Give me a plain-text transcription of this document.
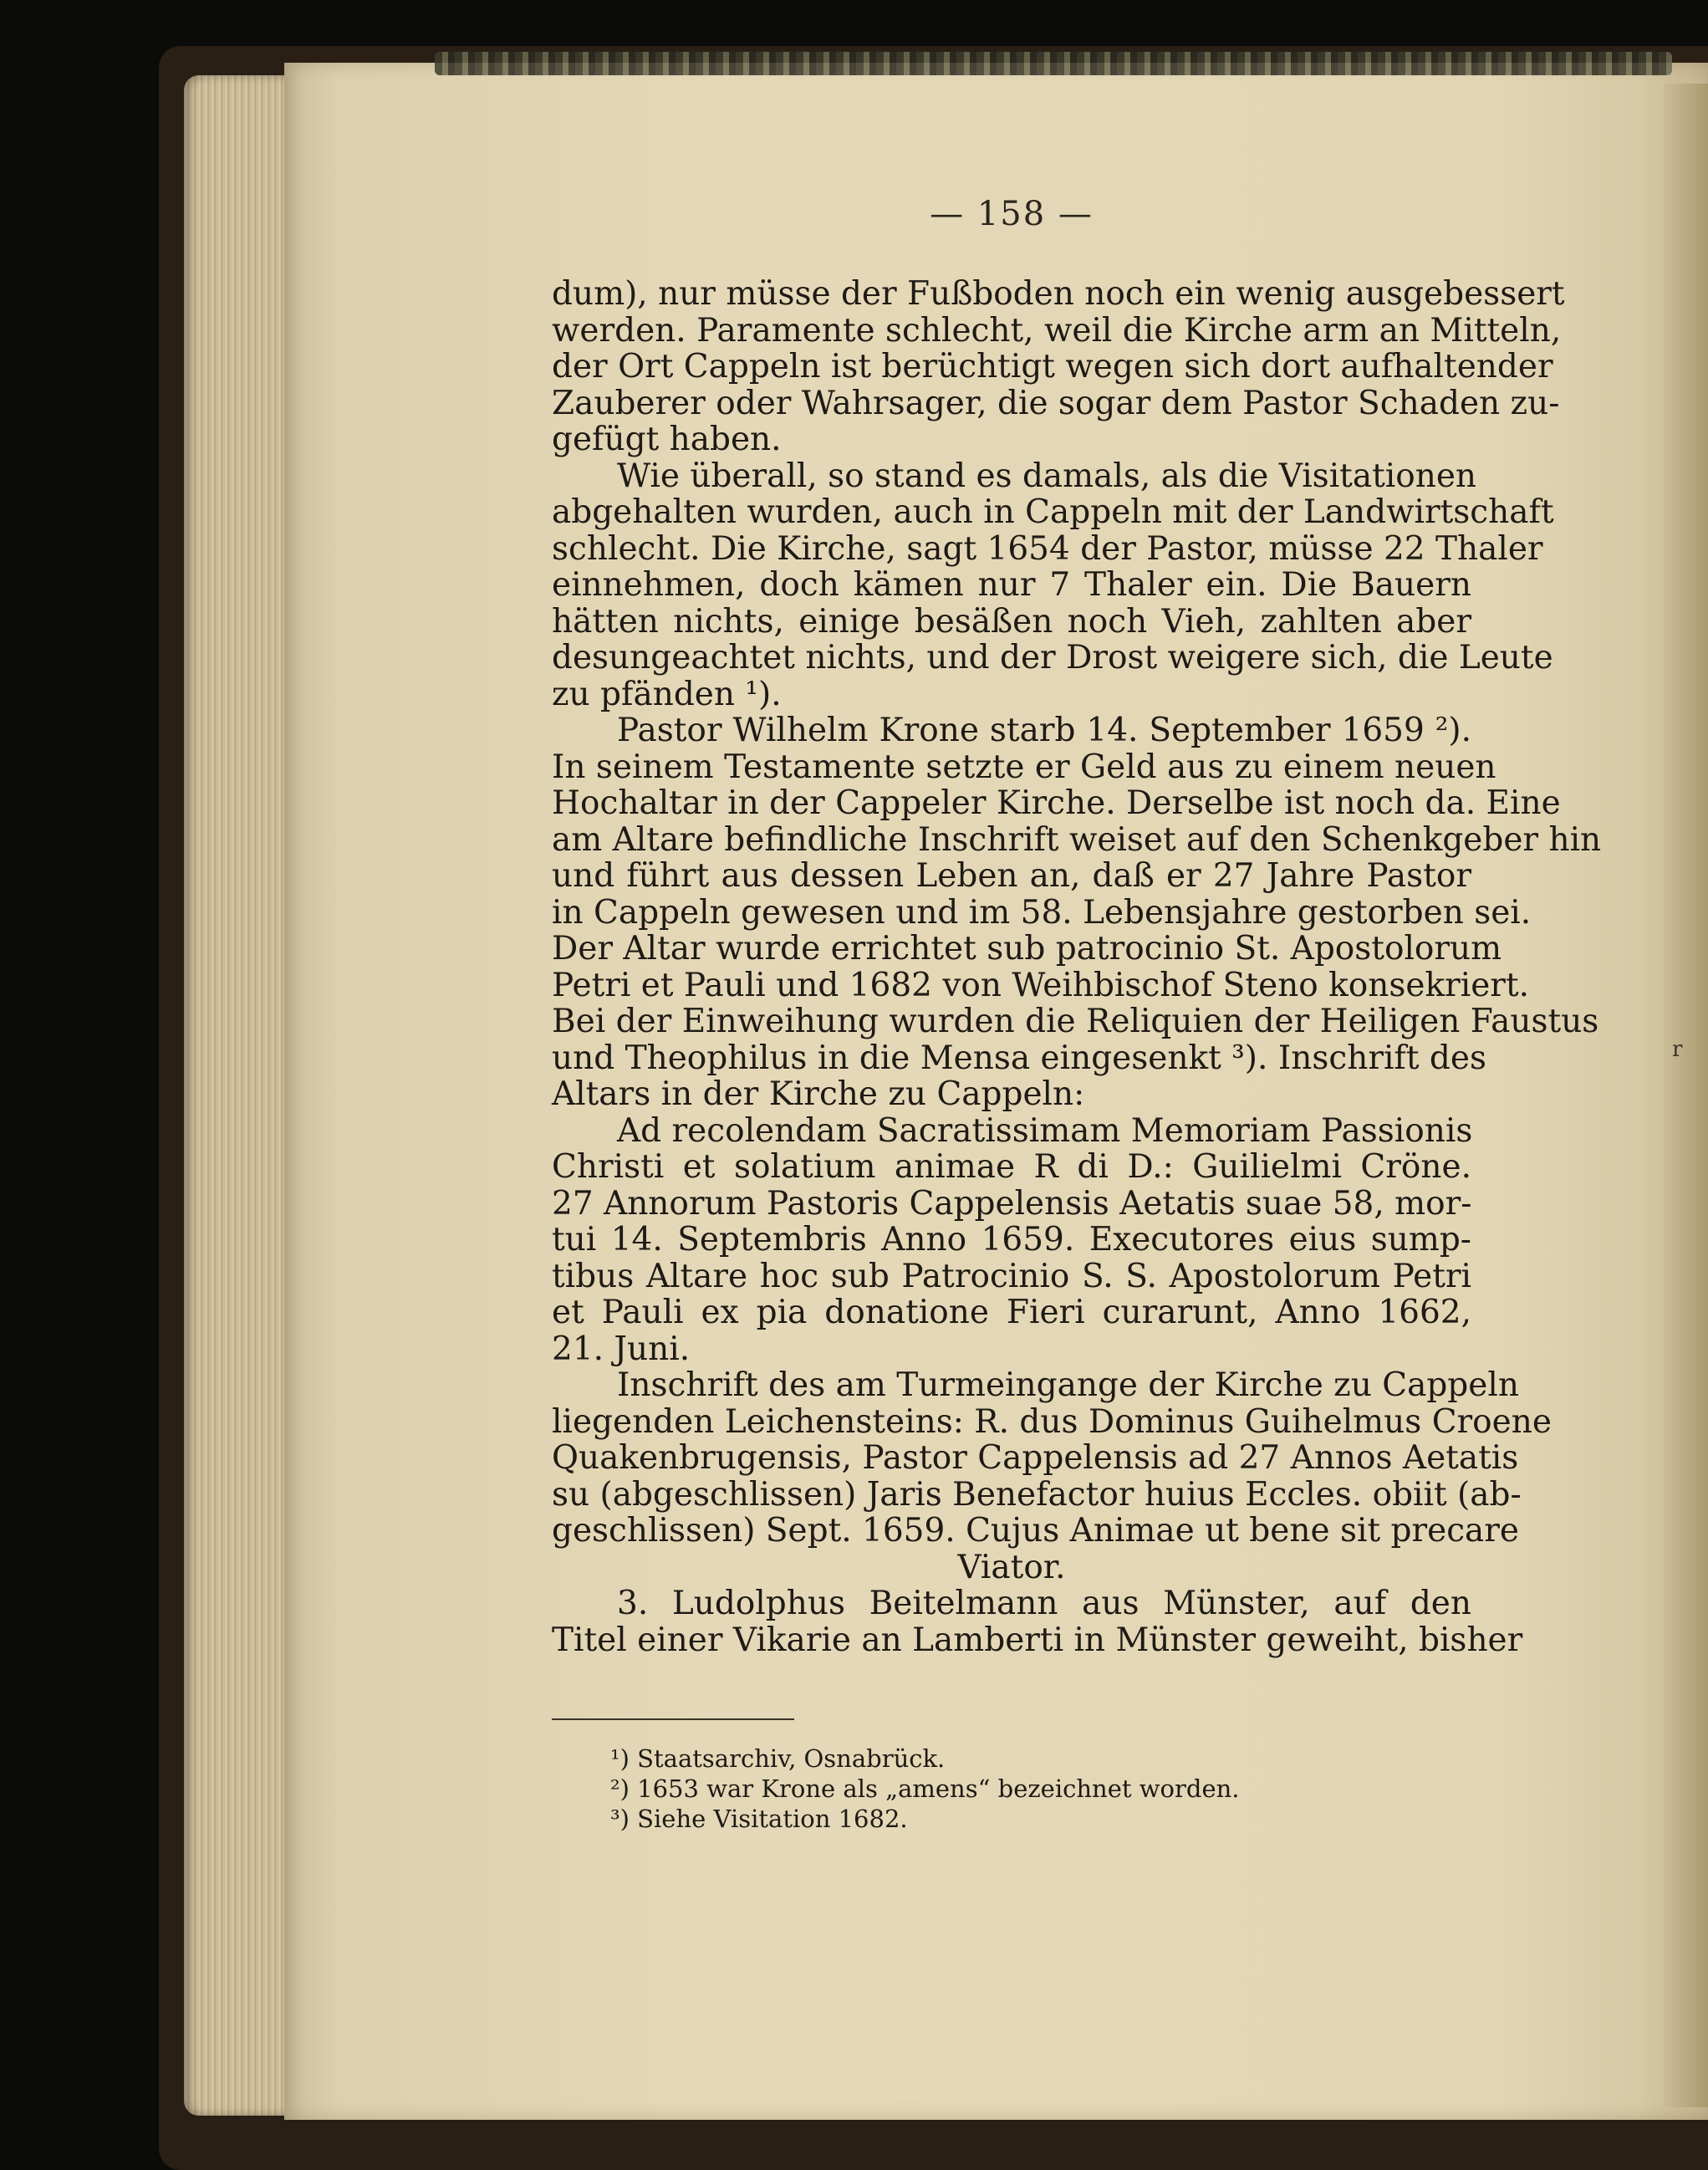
— 158 —
dum), nur müsse der Fußboden noch ein wenig ausgebessert
werden. Paramente schlecht, weil die Kirche arm an Mitteln,
der Ort Cappeln ist berüchtigt wegen sich dort aufhaltender
Zauberer oder Wahrsager, die sogar dem Pastor Schaden zu-
gefügt haben.
Wie überall, so stand es damals, als die Visitationen
abgehalten wurden, auch in Cappeln mit der Landwirtschaft
schlecht. Die Kirche, sagt 1654 der Pastor, müsse 22 Thaler
einnehmen, doch kämen nur 7 Thaler ein. Die Bauern
hätten nichts, einige besäßen noch Vieh, zahlten aber
desungeachtet nichts, und der Drost weigere sich, die Leute
zu pfänden ¹).
Pastor Wilhelm Krone starb 14. September 1659 ²).
In seinem Testamente setzte er Geld aus zu einem neuen
Hochaltar in der Cappeler Kirche. Derselbe ist noch da. Eine
am Altare befindliche Inschrift weiset auf den Schenkgeber hin
und führt aus dessen Leben an, daß er 27 Jahre Pastor
in Cappeln gewesen und im 58. Lebensjahre gestorben sei.
Der Altar wurde errichtet sub patrocinio St. Apostolorum
Petri et Pauli und 1682 von Weihbischof Steno konsekriert.
Bei der Einweihung wurden die Reliquien der Heiligen Faustus
und Theophilus in die Mensa eingesenkt ³). Inschrift des
Altars in der Kirche zu Cappeln:
Ad recolendam Sacratissimam Memoriam Passionis
Christi et solatium animae R di D.: Guilielmi Cröne.
27 Annorum Pastoris Cappelensis Aetatis suae 58, mor-
tui 14. Septembris Anno 1659. Executores eius sump-
tibus Altare hoc sub Patrocinio S. S. Apostolorum Petri
et Pauli ex pia donatione Fieri curarunt, Anno 1662,
21. Juni.
Inschrift des am Turmeingange der Kirche zu Cappeln
liegenden Leichensteins: R. dus Dominus Guihelmus Croene
Quakenbrugensis, Pastor Cappelensis ad 27 Annos Aetatis
su (abgeschlissen) Jaris Benefactor huius Eccles. obiit (ab-
geschlissen) Sept. 1659. Cujus Animae ut bene sit precare
Viator.
3. Ludolphus Beitelmann aus Münster, auf den
Titel einer Vikarie an Lamberti in Münster geweiht, bisher
¹) Staatsarchiv, Osnabrück.
²) 1653 war Krone als „amens“ bezeichnet worden.
³) Siehe Visitation 1682.
r
